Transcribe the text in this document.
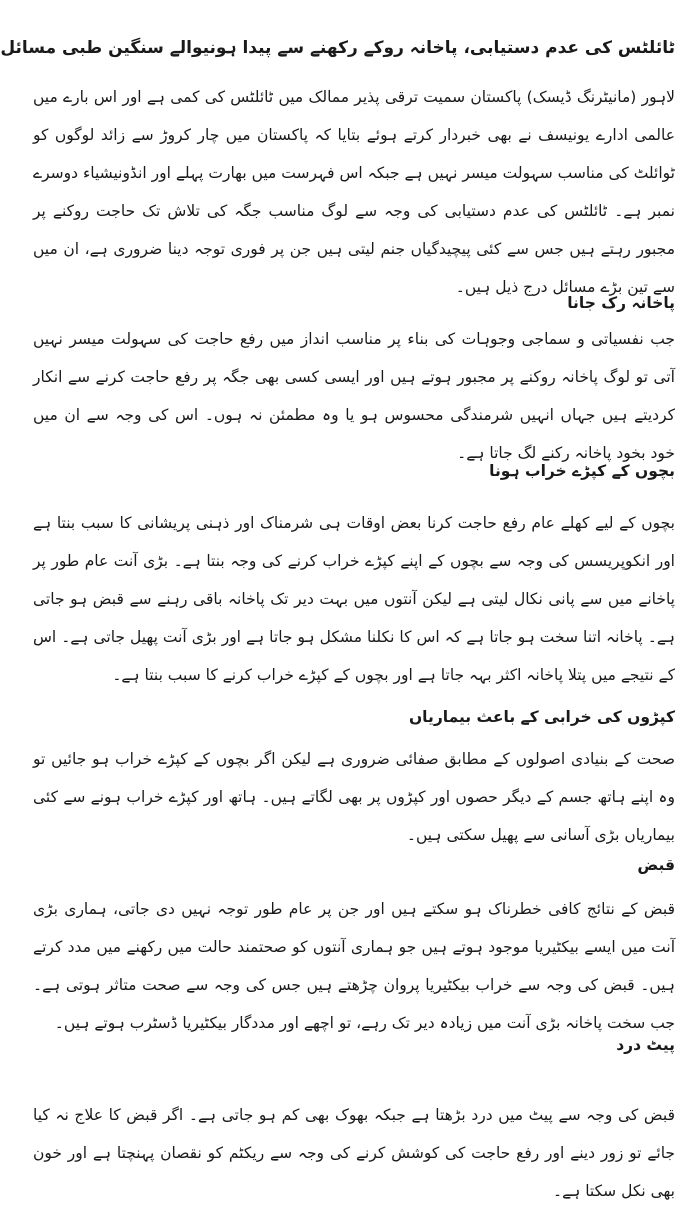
ٹائلٹس کی عدم دستیابی، پاخانہ روکے رکھنے سے پیدا ہونیوالے سنگین طبی مسائل

لاہور (مانیٹرنگ ڈیسک) پاکستان سمیت ترقی پذیر ممالک میں ٹائلٹس کی کمی ہے اور اس بارے میں عالمی ادارے یونیسف نے بھی خبردار کرتے ہوئے بتایا کہ پاکستان میں چار کروڑ سے زائد لوگوں کو ٹوائلٹ کی مناسب سہولت میسر نہیں ہے جبکہ اس فہرست میں بھارت پہلے اور انڈونیشیاء دوسرے نمبر ہے۔ ٹائلٹس کی عدم دستیابی کی وجہ سے لوگ مناسب جگہ کی تلاش تک حاجت روکنے پر مجبور رہتے ہیں جس سے کئی پیچیدگیاں جنم لیتی ہیں جن پر فوری توجہ دینا ضروری ہے، ان میں سے تین بڑے مسائل درج ذیل ہیں۔

پاخانہ رک جانا

جب نفسیاتی و سماجی وجوہات کی بناء پر مناسب انداز میں رفع حاجت کی سہولت میسر نہیں آتی تو لوگ پاخانہ روکنے پر مجبور ہوتے ہیں اور ایسی کسی بھی جگہ پر رفع حاجت کرنے سے انکار کردیتے ہیں جہاں انہیں شرمندگی محسوس ہو یا وہ مطمئن نہ ہوں۔ اس کی وجہ سے ان میں خود بخود پاخانہ رکنے لگ جاتا ہے۔

بچوں کے کپڑے خراب ہونا

بچوں کے لیے کھلے عام رفع حاجت کرنا بعض اوقات ہی شرمناک اور ذہنی پریشانی کا سبب بنتا ہے اور انکوپریسس کی وجہ سے بچوں کے اپنے کپڑے خراب کرنے کی وجہ بنتا ہے۔ بڑی آنت عام طور پر پاخانے میں سے پانی نکال لیتی ہے لیکن آنتوں میں بہت دیر تک پاخانہ باقی رہنے سے قبض ہو جاتی ہے۔ پاخانہ اتنا سخت ہو جاتا ہے کہ اس کا نکلنا مشکل ہو جاتا ہے اور بڑی آنت پھیل جاتی ہے۔ اس کے نتیجے میں پتلا پاخانہ اکثر بہہ جاتا ہے اور بچوں کے کپڑے خراب کرنے کا سبب بنتا ہے۔

کپڑوں کی خرابی کے باعث بیماریاں

صحت کے بنیادی اصولوں کے مطابق صفائی ضروری ہے لیکن اگر بچوں کے کپڑے خراب ہو جائیں تو وہ اپنے ہاتھ جسم کے دیگر حصوں اور کپڑوں پر بھی لگاتے ہیں۔ ہاتھ اور کپڑے خراب ہونے سے کئی بیماریاں بڑی آسانی سے پھیل سکتی ہیں۔

قبض

قبض کے نتائج کافی خطرناک ہو سکتے ہیں اور جن پر عام طور توجہ نہیں دی جاتی، ہماری بڑی آنت میں ایسے بیکٹیریا موجود ہوتے ہیں جو ہماری آنتوں کو صحتمند حالت میں رکھنے میں مدد کرتے ہیں۔ قبض کی وجہ سے خراب بیکٹیریا پروان چڑھتے ہیں جس کی وجہ سے صحت متاثر ہوتی ہے۔ جب سخت پاخانہ بڑی آنت میں زیادہ دیر تک رہے، تو اچھے اور مددگار بیکٹیریا ڈسٹرب ہوتے ہیں۔

پیٹ درد

قبض کی وجہ سے پیٹ میں درد بڑھتا ہے جبکہ بھوک بھی کم ہو جاتی ہے۔ اگر قبض کا علاج نہ کیا جائے تو زور دینے اور رفع حاجت کی کوشش کرنے کی وجہ سے ریکٹم کو نقصان پہنچتا ہے اور خون بھی نکل سکتا ہے۔
